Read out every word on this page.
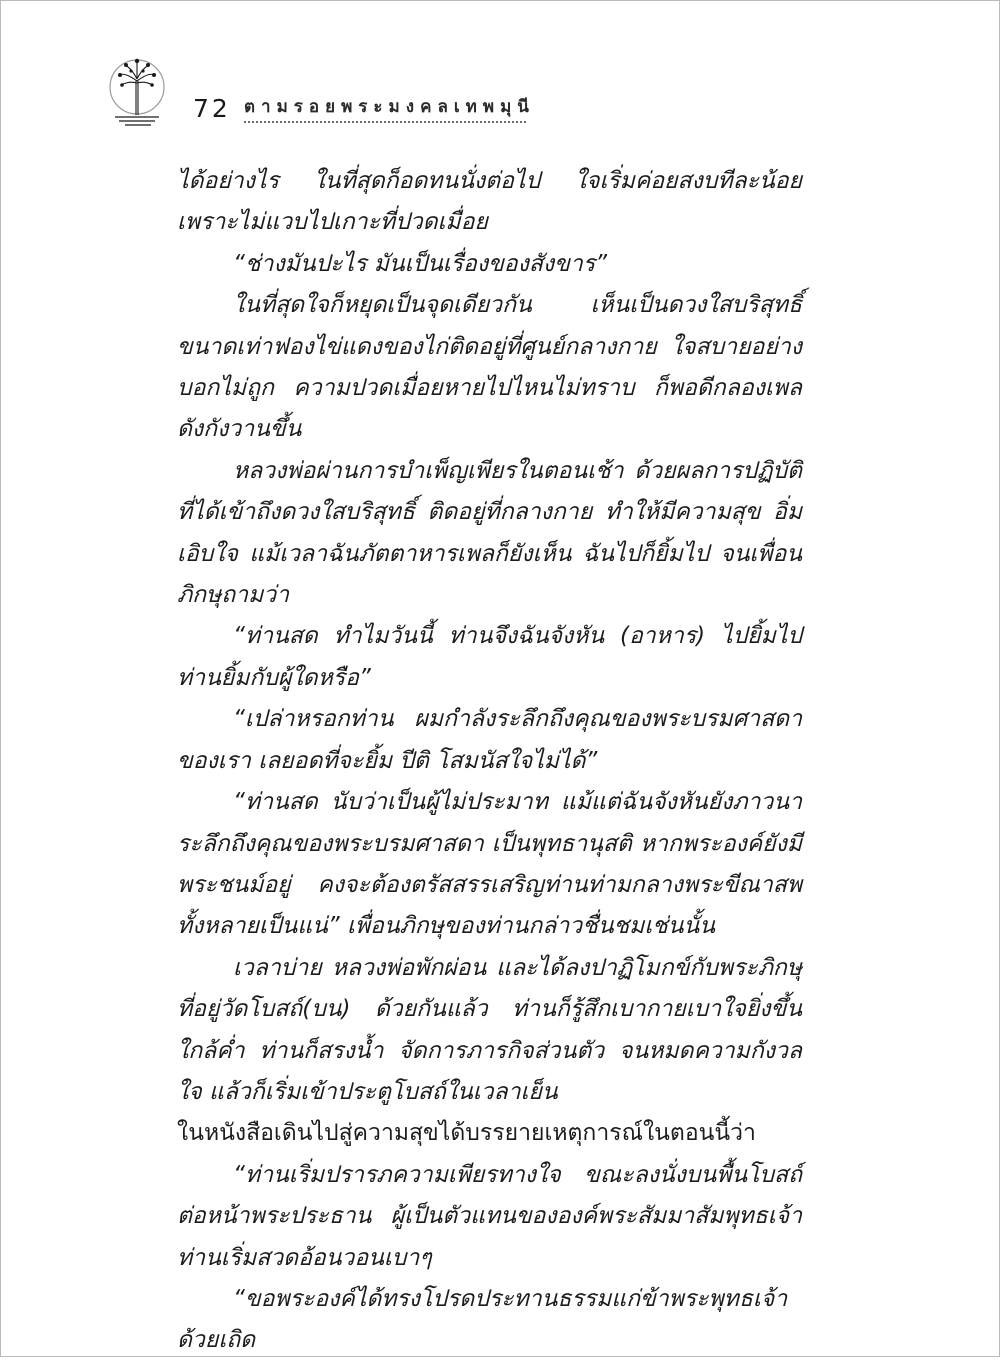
72 ตามรอยพระมงคลเทพมุนี

ได้อย่างไร ในที่สุดก็อดทนนั่งต่อไป ใจเริ่มค่อยสงบทีละน้อย เพราะไม่แวบไปเกาะที่ปวดเมื่อย

“ช่างมันปะไร มันเป็นเรื่องของสังขาร”

ในที่สุดใจก็หยุดเป็นจุดเดียวกัน เห็นเป็นดวงใสบริสุทธิ์ ขนาดเท่าฟองไข่แดงของไก่ติดอยู่ที่ศูนย์กลางกาย ใจสบายอย่างบอกไม่ถูก ความปวดเมื่อยหายไปไหนไม่ทราบ ก็พอดีกลองเพลดังกังวานขึ้น

หลวงพ่อผ่านการบำเพ็ญเพียรในตอนเช้า ด้วยผลการปฏิบัติที่ได้เข้าถึงดวงใสบริสุทธิ์ ติดอยู่ที่กลางกาย ทำให้มีความสุข อิ่มเอิบใจ แม้เวลาฉันภัตตาหารเพลก็ยังเห็น ฉันไปก็ยิ้มไป จนเพื่อนภิกษุถามว่า

“ท่านสด ทำไมวันนี้ ท่านจึงฉันจังหัน (อาหาร) ไปยิ้มไป ท่านยิ้มกับผู้ใดหรือ”

“เปล่าหรอกท่าน ผมกำลังระลึกถึงคุณของพระบรมศาสดาของเรา เลยอดที่จะยิ้ม ปีติ โสมนัสใจไม่ได้”

“ท่านสด นับว่าเป็นผู้ไม่ประมาท แม้แต่ฉันจังหันยังภาวนาระลึกถึงคุณของพระบรมศาสดา เป็นพุทธานุสติ หากพระองค์ยังมีพระชนม์อยู่ คงจะต้องตรัสสรรเสริญท่านท่ามกลางพระขีณาสพทั้งหลายเป็นแน่” เพื่อนภิกษุของท่านกล่าวชื่นชมเช่นนั้น

เวลาบ่าย หลวงพ่อพักผ่อน และได้ลงปาฏิโมกข์กับพระภิกษุที่อยู่วัดโบสถ์(บน) ด้วยกันแล้ว ท่านก็รู้สึกเบากายเบาใจยิ่งขึ้น ใกล้ค่ำ ท่านก็สรงน้ำ จัดการภารกิจส่วนตัว จนหมดความกังวลใจ แล้วก็เริ่มเข้าประตูโบสถ์ในเวลาเย็น

ในหนังสือเดินไปสู่ความสุขได้บรรยายเหตุการณ์ในตอนนี้ว่า

“ท่านเริ่มปรารภความเพียรทางใจ ขณะลงนั่งบนพื้นโบสถ์ต่อหน้าพระประธาน ผู้เป็นตัวแทนขององค์พระสัมมาสัมพุทธเจ้า ท่านเริ่มสวดอ้อนวอนเบาๆ

“ขอพระองค์ได้ทรงโปรดประทานธรรมแก่ข้าพระพุทธเจ้าด้วยเถิด
